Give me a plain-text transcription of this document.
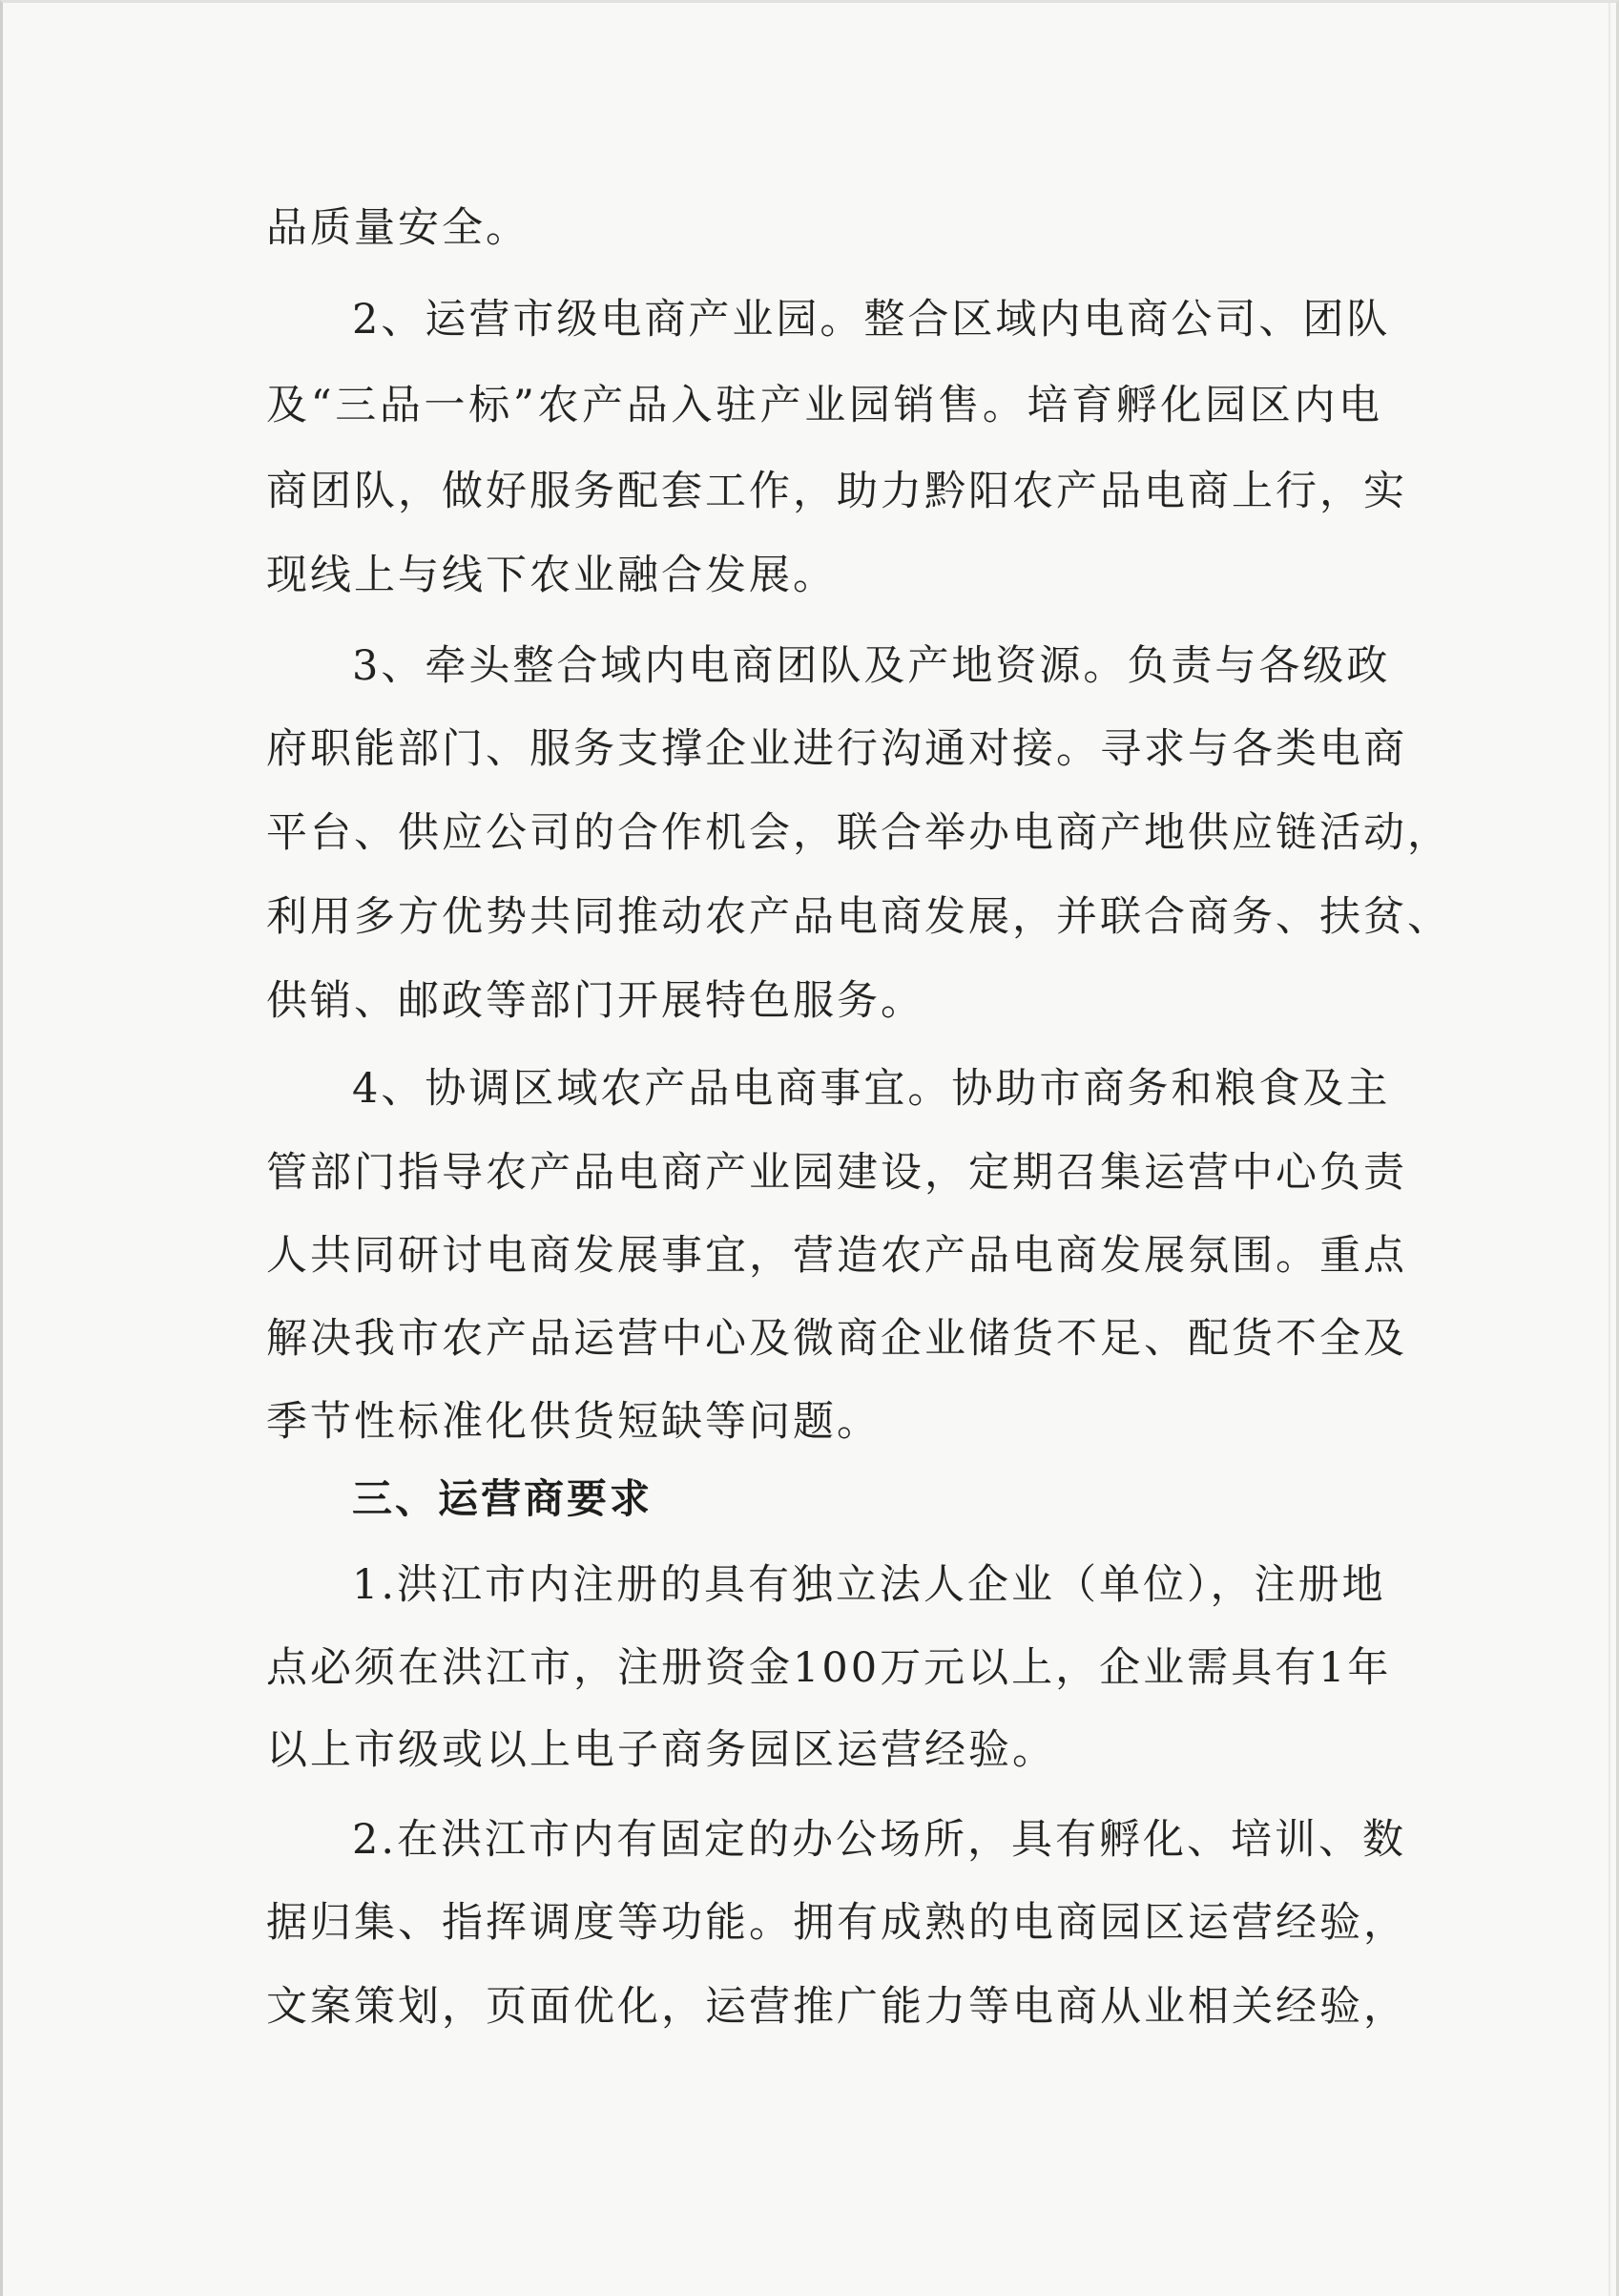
品质量安全。
2、运营市级电商产业园。整合区域内电商公司、团队
及“三品一标”农产品入驻产业园销售。培育孵化园区内电
商团队，做好服务配套工作，助力黔阳农产品电商上行，实
现线上与线下农业融合发展。
3、牵头整合域内电商团队及产地资源。负责与各级政
府职能部门、服务支撑企业进行沟通对接。寻求与各类电商
平台、供应公司的合作机会，联合举办电商产地供应链活动，
利用多方优势共同推动农产品电商发展，并联合商务、扶贫、
供销、邮政等部门开展特色服务。
4、协调区域农产品电商事宜。协助市商务和粮食及主
管部门指导农产品电商产业园建设，定期召集运营中心负责
人共同研讨电商发展事宜，营造农产品电商发展氛围。重点
解决我市农产品运营中心及微商企业储货不足、配货不全及
季节性标准化供货短缺等问题。
三、运营商要求
1.洪江市内注册的具有独立法人企业（单位），注册地
点必须在洪江市，注册资金100万元以上，企业需具有1年
以上市级或以上电子商务园区运营经验。
2.在洪江市内有固定的办公场所，具有孵化、培训、数
据归集、指挥调度等功能。拥有成熟的电商园区运营经验，
文案策划，页面优化，运营推广能力等电商从业相关经验，
